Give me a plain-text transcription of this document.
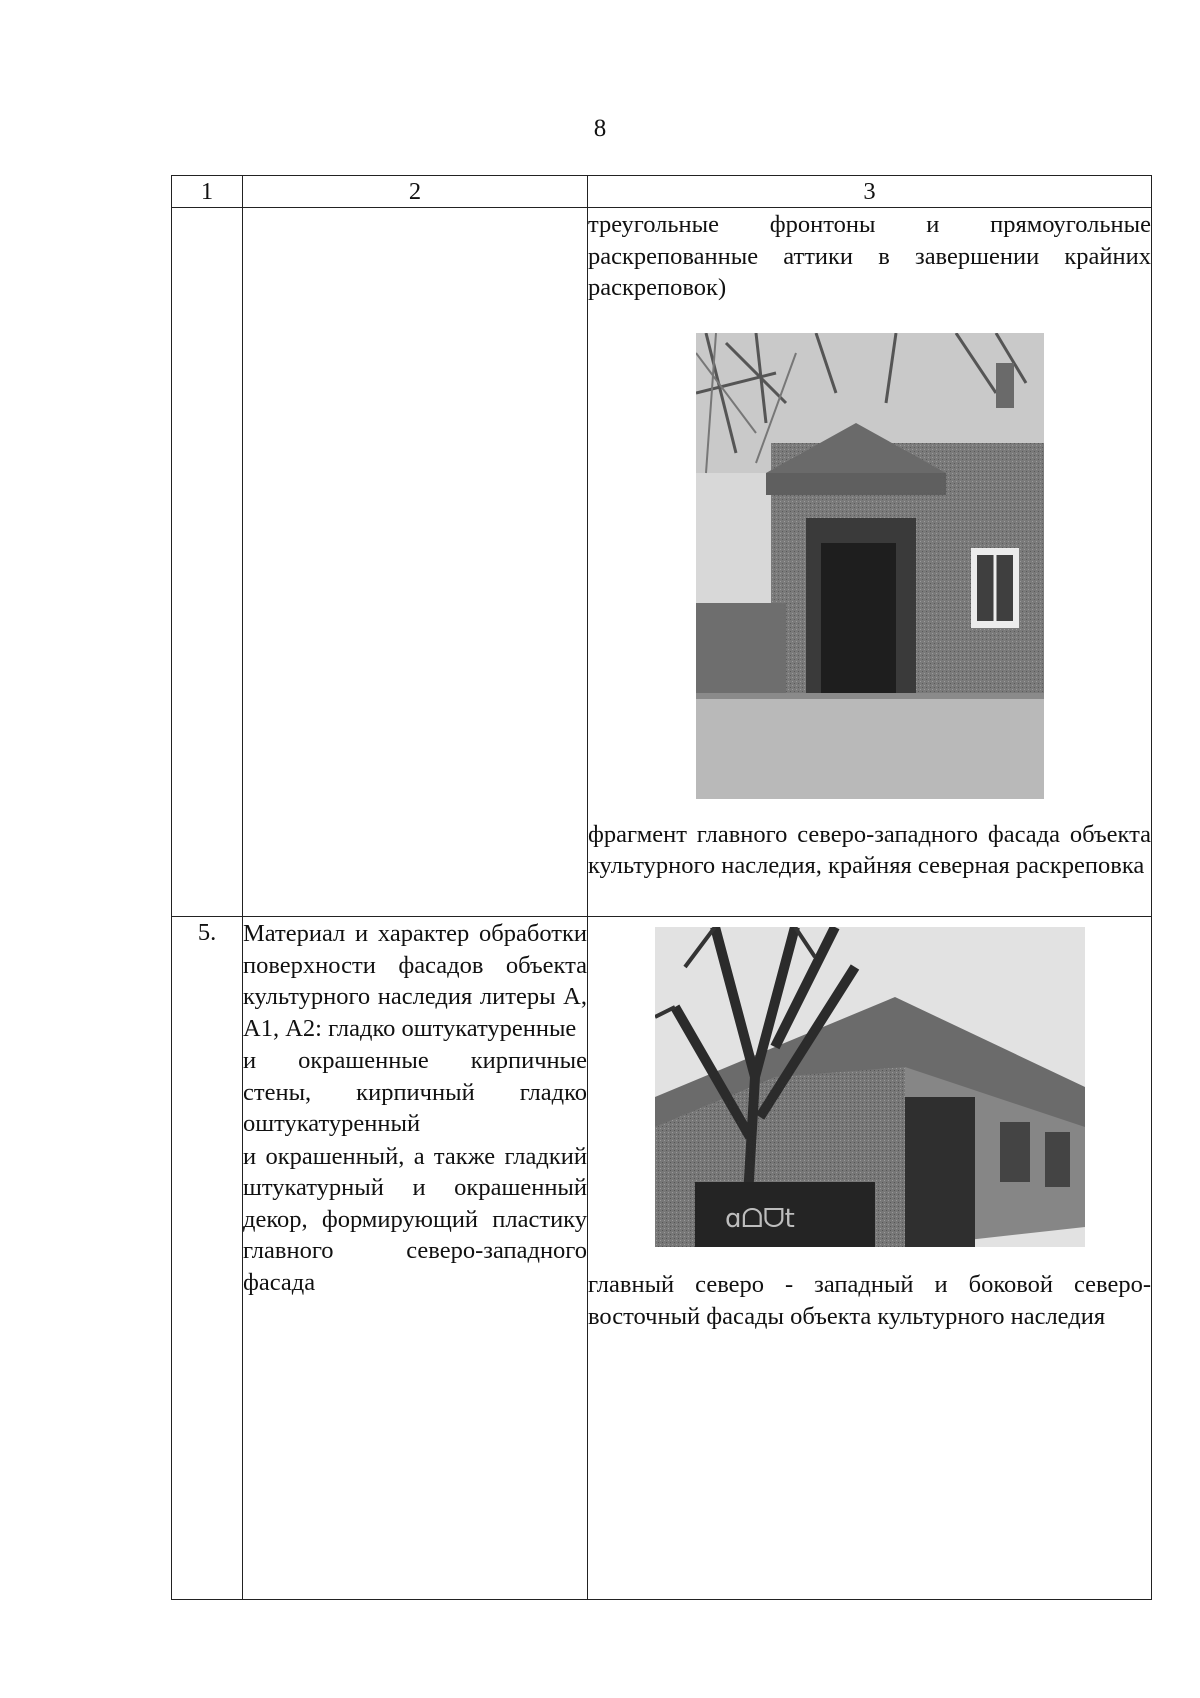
8
1	2	3

		треугольные фронтоны и прямоугольные раскрепованные аттики в завершении крайних раскреповок)
фрагмент главного северо-западного фасада объекта культурного наследия, крайняя северная раскреповка

5.	Материал и характер обработки поверхности фасадов объекта культурного наследия литеры А, А1, А2: гладко оштукатуренные
и окрашенные кирпичные стены, кирпичный гладко оштукатуренный
и окрашенный, а также гладкий штукатурный и окрашенный декор, формирующий пластику главного северо-западного фасада	ɑᗝᗜ𝗍
главный северо - западный и боковой северо-восточный фасады объекта культурного наследия
